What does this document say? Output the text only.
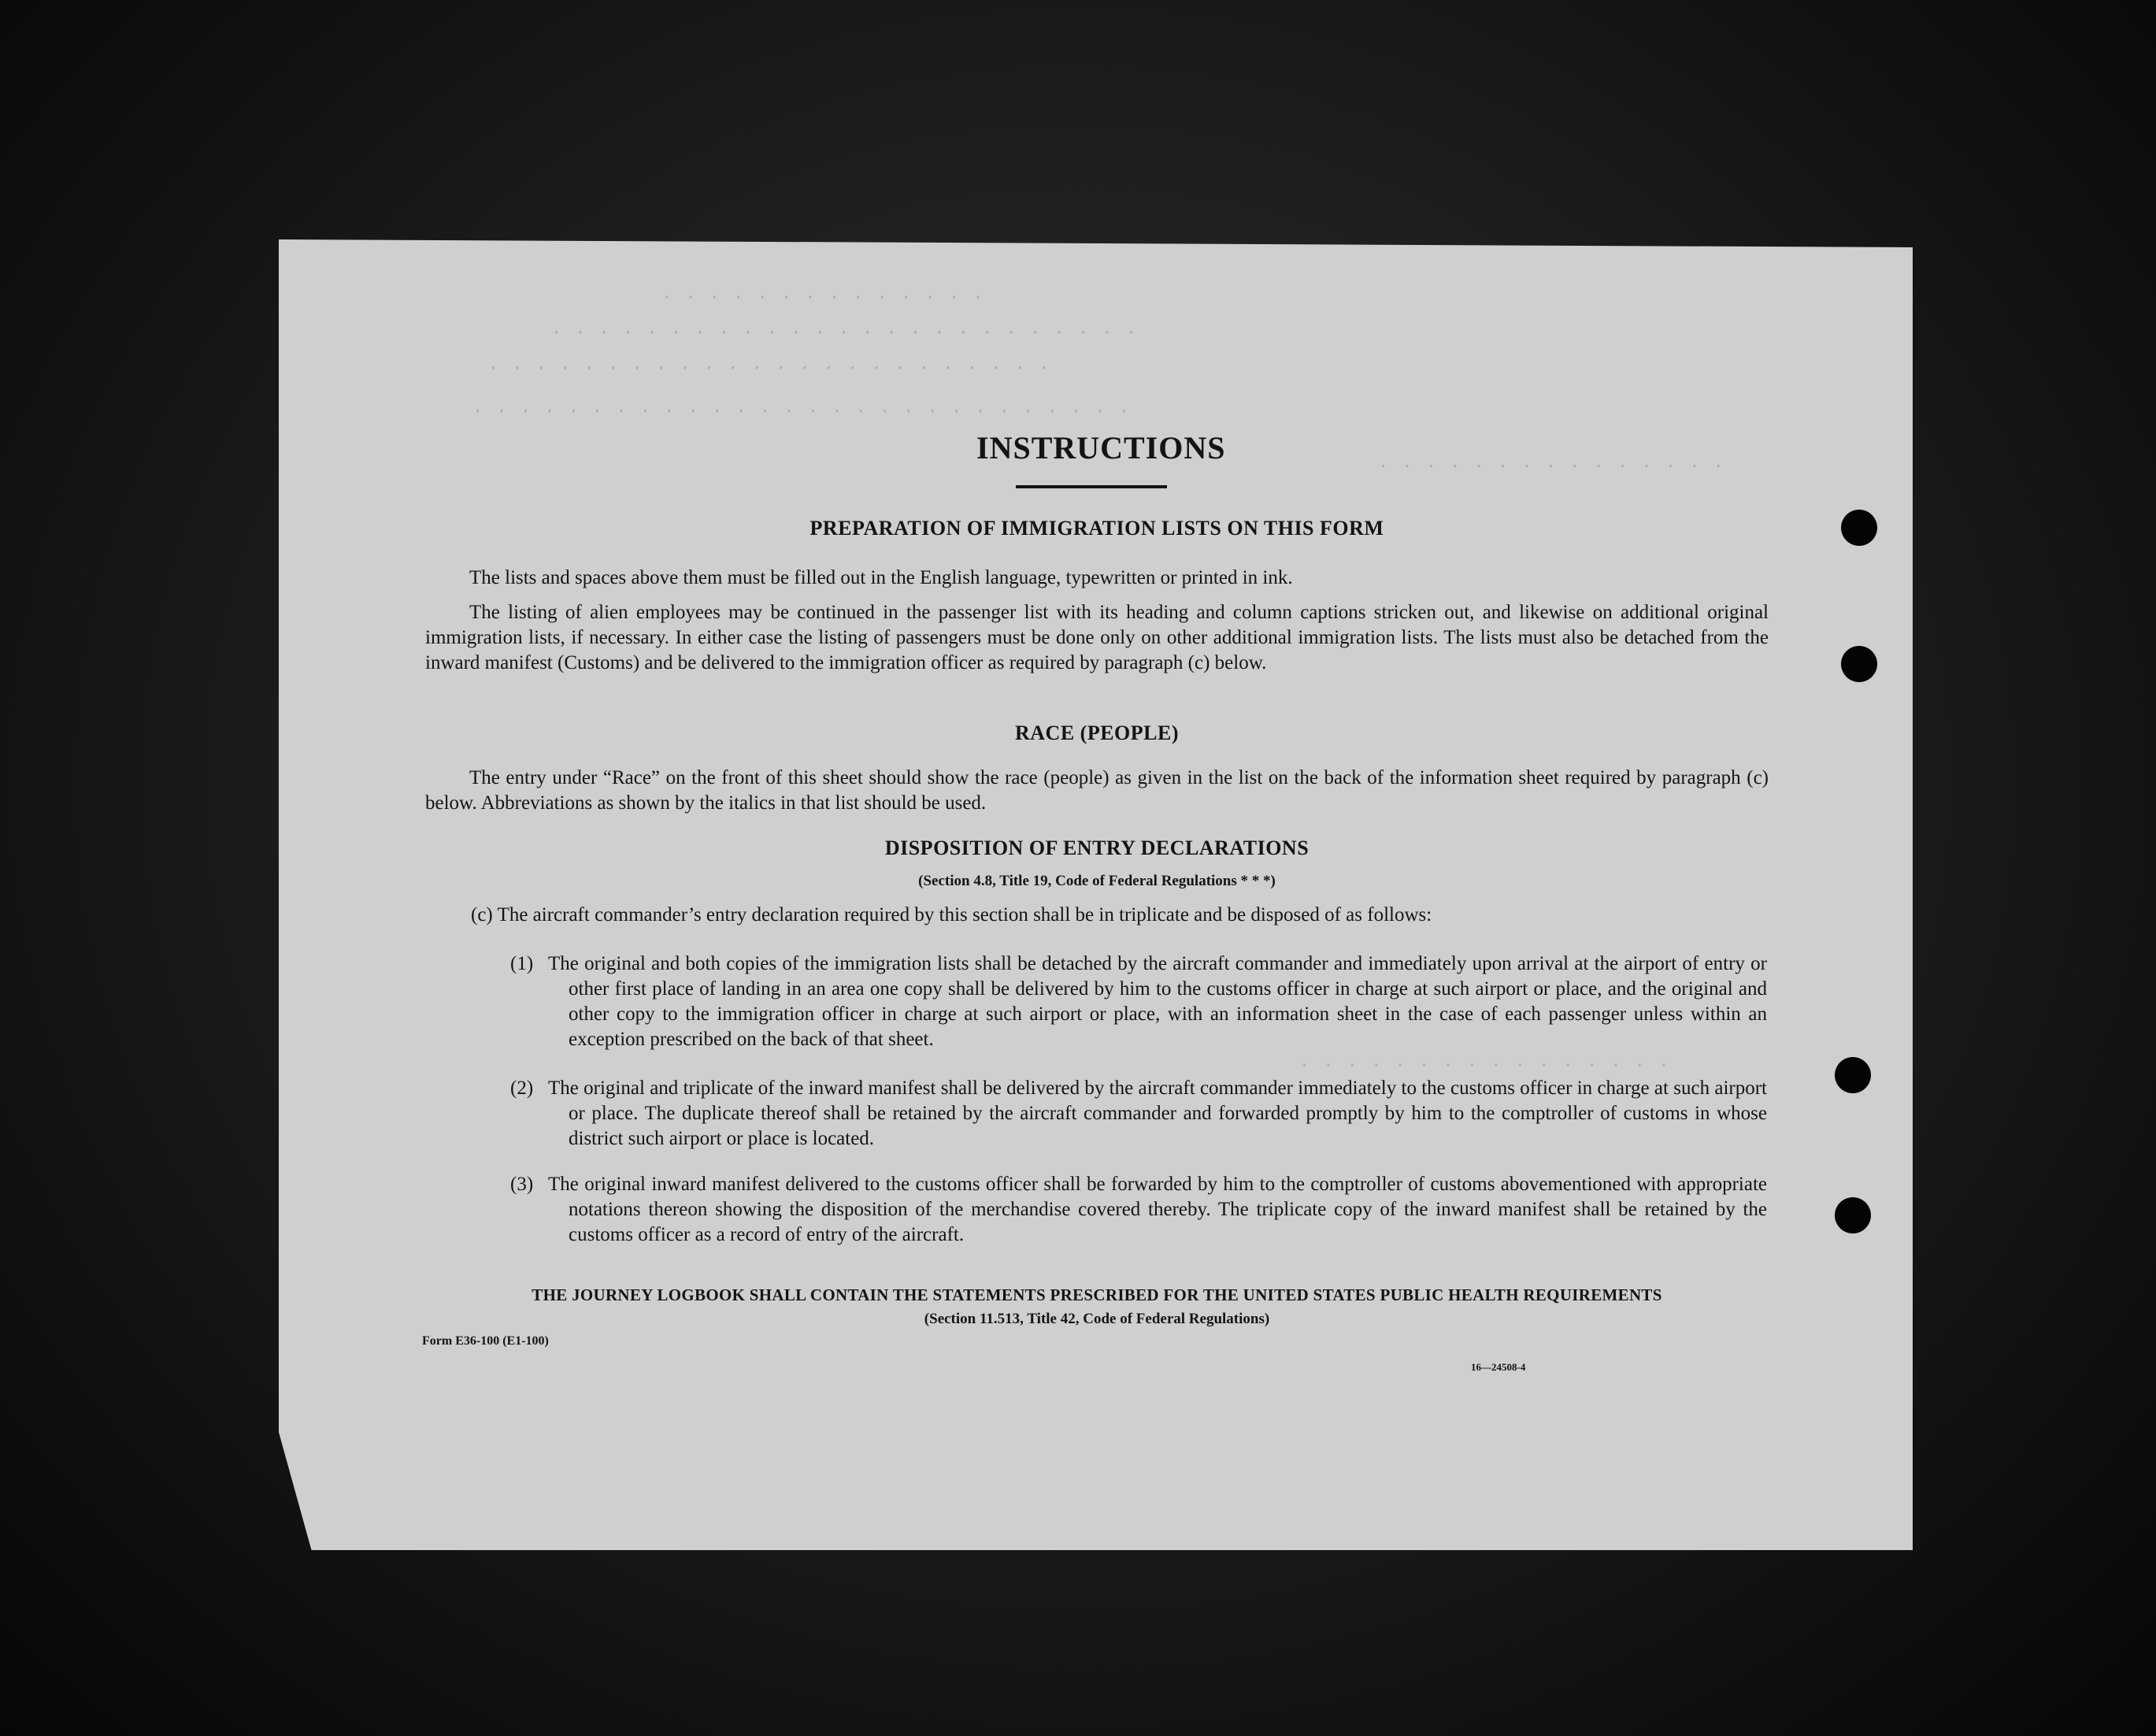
· · · · · · · · · · · · · ·
· · · · · · · · · · · · · · · · · · · · · · · · ·
· · · · · · · · · · · · · · · · · · · · · · · ·
· · · · · · · · · · · · · · · · · · · · · · · · · · · ·
· · · · · · · · · · · · · · ·
· · · · · · · · · · · · · · · ·
INSTRUCTIONS
PREPARATION OF IMMIGRATION LISTS ON THIS FORM
The lists and spaces above them must be filled out in the English language, typewritten or printed in ink.
The listing of alien employees may be continued in the passenger list with its heading and column captions stricken out, and likewise on additional original immigration lists, if necessary. In either case the listing of passengers must be done only on other additional immigration lists. The lists must also be detached from the inward manifest (Customs) and be delivered to the immigration officer as required by paragraph (c) below.
RACE (PEOPLE)
The entry under “Race” on the front of this sheet should show the race (people) as given in the list on the back of the information sheet required by paragraph (c) below. Abbreviations as shown by the italics in that list should be used.
DISPOSITION OF ENTRY DECLARATIONS
(Section 4.8, Title 19, Code of Federal Regulations * * *)
(c) The aircraft commander’s entry declaration required by this section shall be in triplicate and be disposed of as follows:
(1) The original and both copies of the immigration lists shall be detached by the aircraft commander and immediately upon arrival at the airport of entry or other first place of landing in an area one copy shall be delivered by him to the customs officer in charge at such airport or place, and the original and other copy to the immigration officer in charge at such airport or place, with an information sheet in the case of each passenger unless within an exception prescribed on the back of that sheet.
(2) The original and triplicate of the inward manifest shall be delivered by the aircraft commander immediately to the customs officer in charge at such airport or place. The duplicate thereof shall be retained by the aircraft commander and forwarded promptly by him to the comptroller of customs in whose district such airport or place is located.
(3) The original inward manifest delivered to the customs officer shall be forwarded by him to the comptroller of customs abovementioned with appropriate notations thereon showing the disposition of the merchandise covered thereby. The triplicate copy of the inward manifest shall be retained by the customs officer as a record of entry of the aircraft.
THE JOURNEY LOGBOOK SHALL CONTAIN THE STATEMENTS PRESCRIBED FOR THE UNITED STATES PUBLIC HEALTH REQUIREMENTS
(Section 11.513, Title 42, Code of Federal Regulations)
Form E36-100 (E1-100)
16—24508-4
